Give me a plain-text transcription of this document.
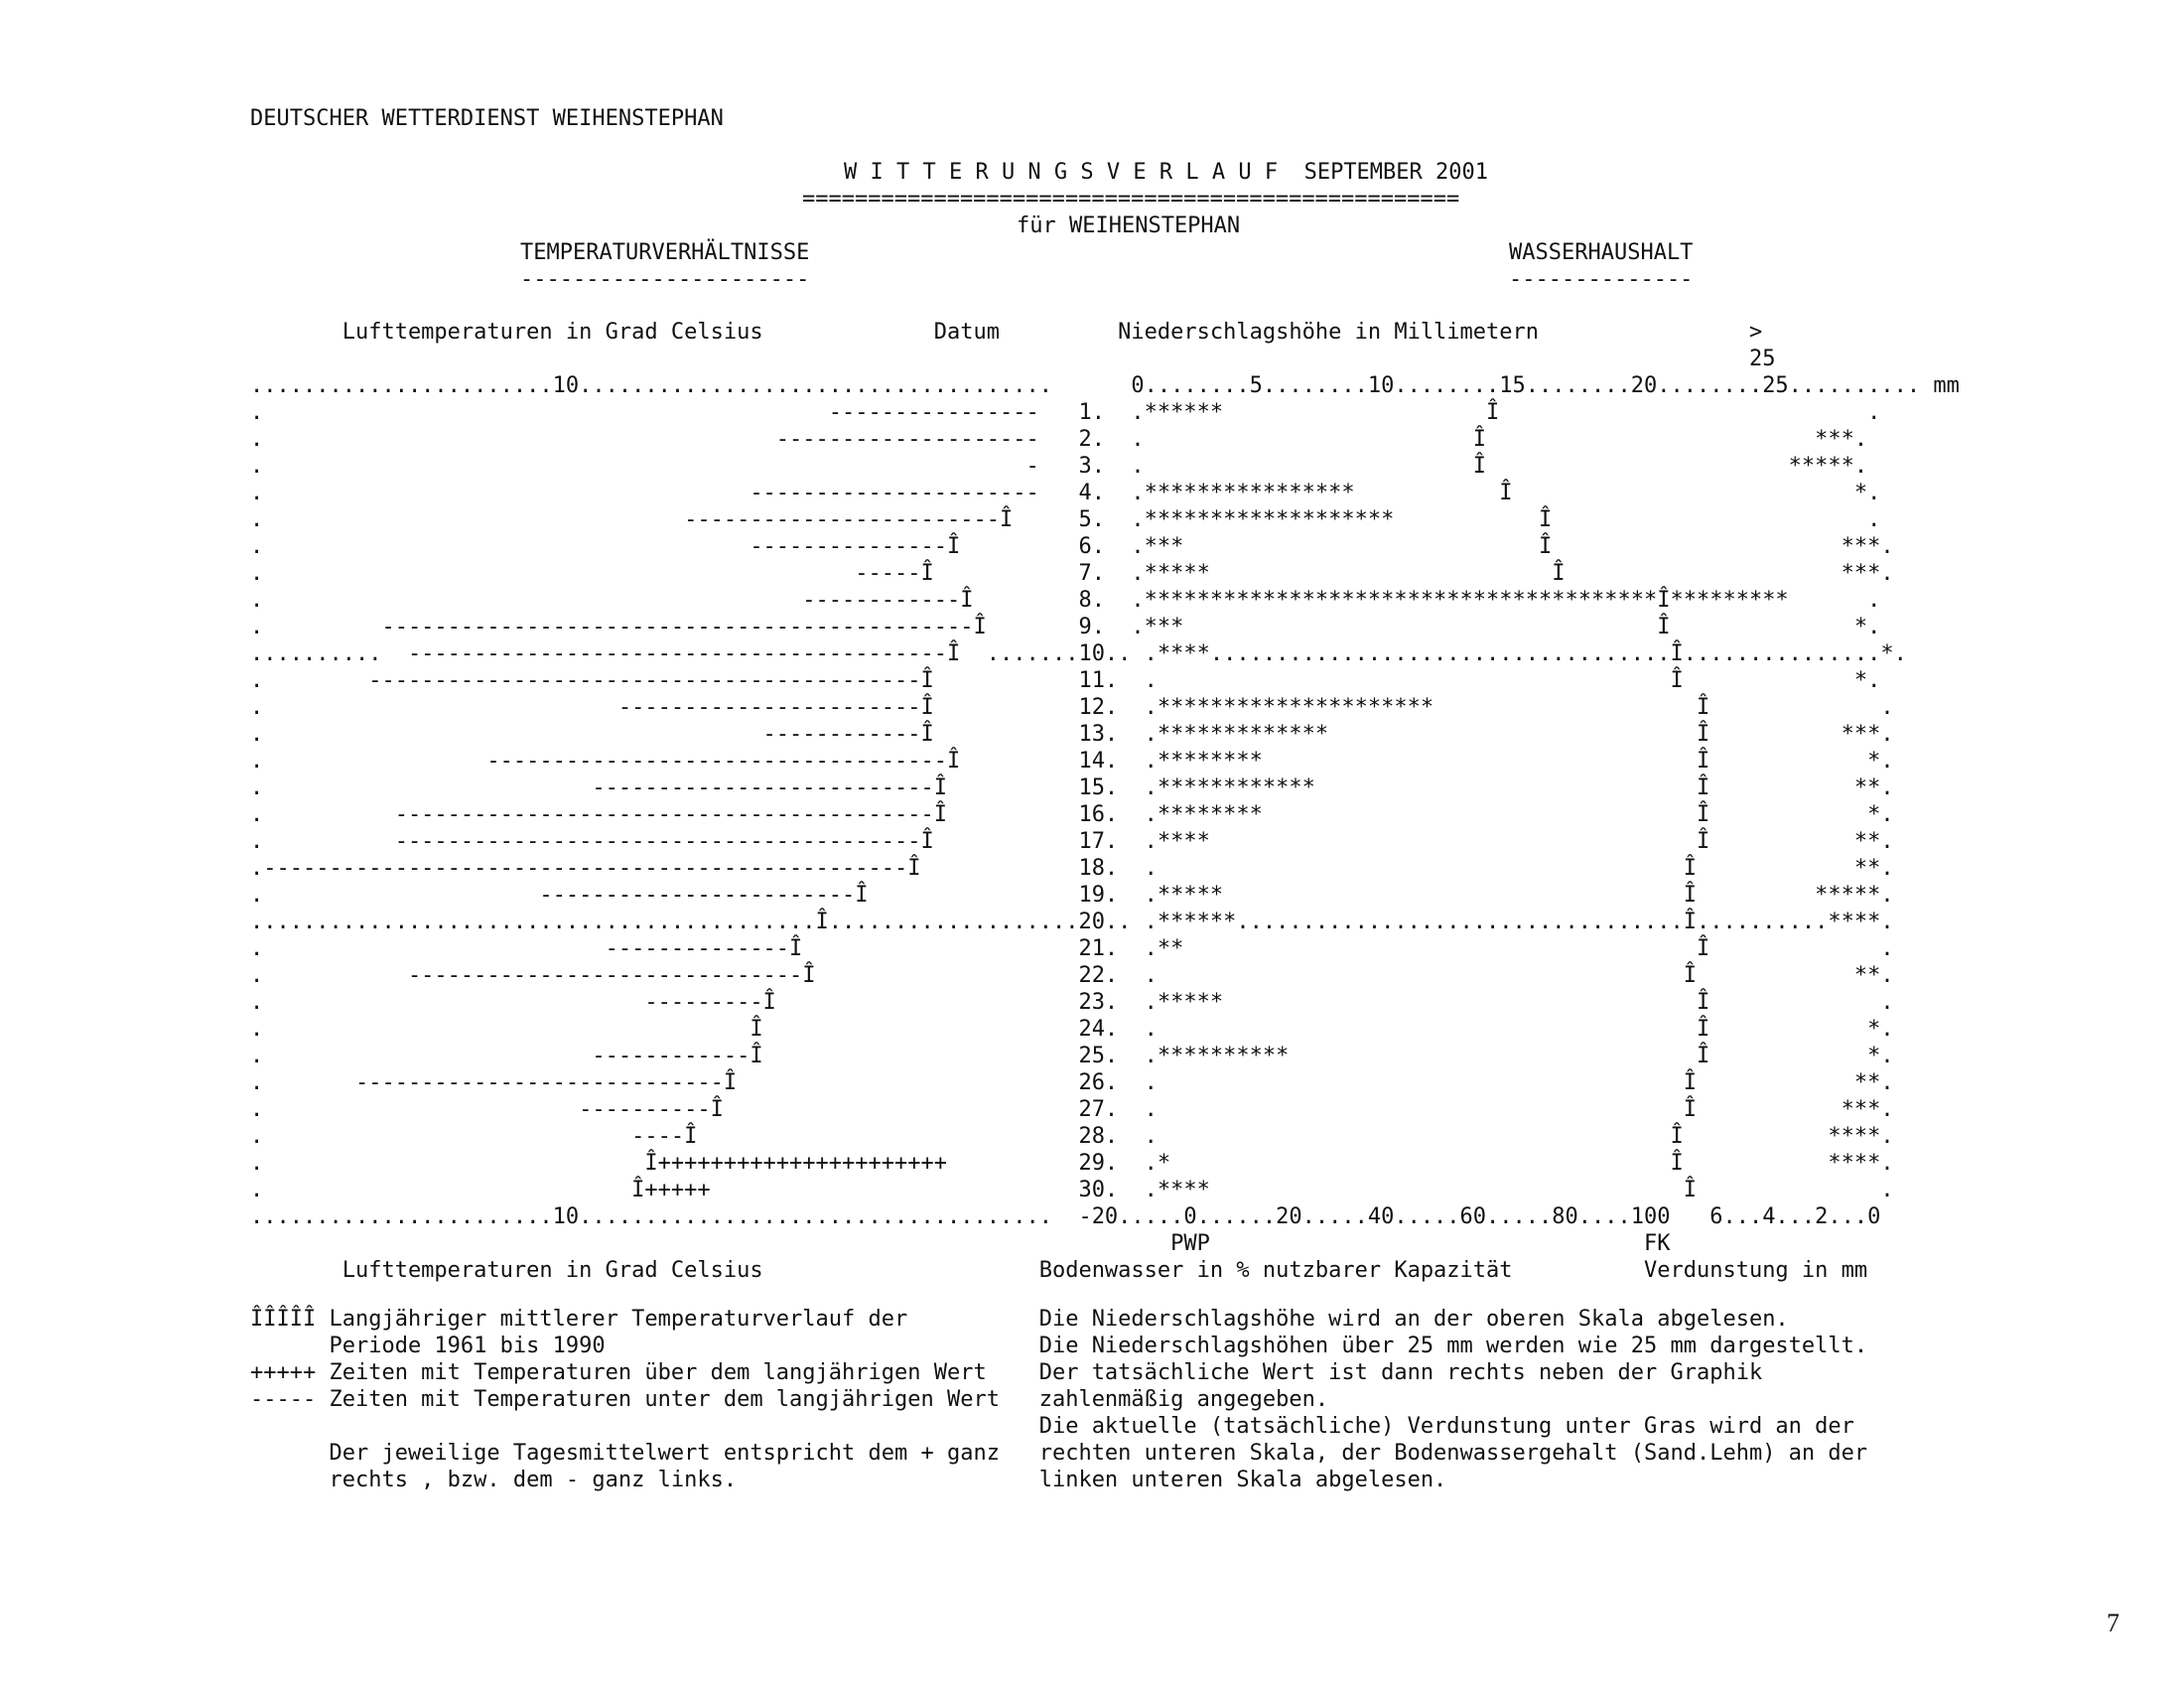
DEUTSCHER WETTERDIENST WEIHENSTEPHAN

W I T T E R U N G S V E R L A U F  SEPTEMBER 2001
==================================================
für WEIHENSTEPHAN
TEMPERATURVERHÄLTNISSE	WASSERHAUSHALT
----------------------	--------------
Lufttemperaturen in Grad Celsius             Datum         Niederschlagshöhe in Millimetern                >
25
.......................10....................................      0........5........10........15........20........25.......... mm
.                                           ----------------   1.  .******                    Î                            .
.                                       --------------------   2.  .                         Î                         ***.
.                                                          -   3.  .                         Î                       *****.
.                                     ----------------------   4.  .****************           Î                          *.
.                                ------------------------Î     5.  .*******************           Î                        .
.                                     ---------------Î         6.  .***                           Î                      ***.
.                                             -----Î           7.  .*****                          Î                     ***.
.                                         ------------Î        8.  .***************************************Î*********      .
.         ---------------------------------------------Î       9.  .***                                    Î              *.
..........  -----------------------------------------Î  .......10.. .****...................................Î...............*.
.        ------------------------------------------Î           11.  .                                       Î             *.
.                           -----------------------Î           12.  .*********************                    Î             .
.                                      ------------Î           13.  .*************                            Î          ***.
.                 -----------------------------------Î         14.  .********                                 Î            *.
.                         --------------------------Î          15.  .************                             Î           **.
.          -----------------------------------------Î          16.  .********                                 Î            *.
.          ----------------------------------------Î           17.  .****                                     Î           **.
.-------------------------------------------------Î            18.  .                                        Î            **.
.                     ------------------------Î                19.  .*****                                   Î         *****.
...........................................Î...................20.. .******..................................Î..........****.
.                          --------------Î                     21.  .**                                       Î             .
.           ------------------------------Î                    22.  .                                        Î            **.
.                             ---------Î                       23.  .*****                                    Î             .
.                                     Î                        24.  .                                         Î            *.
.                         ------------Î                        25.  .**********                               Î            *.
.       ----------------------------Î                          26.  .                                        Î            **.
.                        ----------Î                           27.  .                                        Î           ***.
.                            ----Î                             28.  .                                       Î           ****.
.                             Î++++++++++++++++++++++          29.  .*                                      Î           ****.
.                            Î+++++                            30.  .****                                    Î              .
.......................10....................................  -20.....0......20.....40.....60.....80....100   6...4...2...0
PWP                                 FK
Lufttemperaturen in Grad Celsius                     Bodenwasser in % nutzbarer Kapazität          Verdunstung in mm
ÎÎÎÎÎ Langjähriger mittlerer Temperaturverlauf der          Die Niederschlagshöhe wird an der oberen Skala abgelesen.
Periode 1961 bis 1990                                 Die Niederschlagshöhen über 25 mm werden wie 25 mm dargestellt.
+++++ Zeiten mit Temperaturen über dem langjährigen Wert    Der tatsächliche Wert ist dann rechts neben der Graphik
----- Zeiten mit Temperaturen unter dem langjährigen Wert   zahlenmäßig angegeben.
Die aktuelle (tatsächliche) Verdunstung unter Gras wird an der
Der jeweilige Tagesmittelwert entspricht dem + ganz   rechten unteren Skala, der Bodenwassergehalt (Sand.Lehm) an der
rechts , bzw. dem - ganz links.                       linken unteren Skala abgelesen.
7
